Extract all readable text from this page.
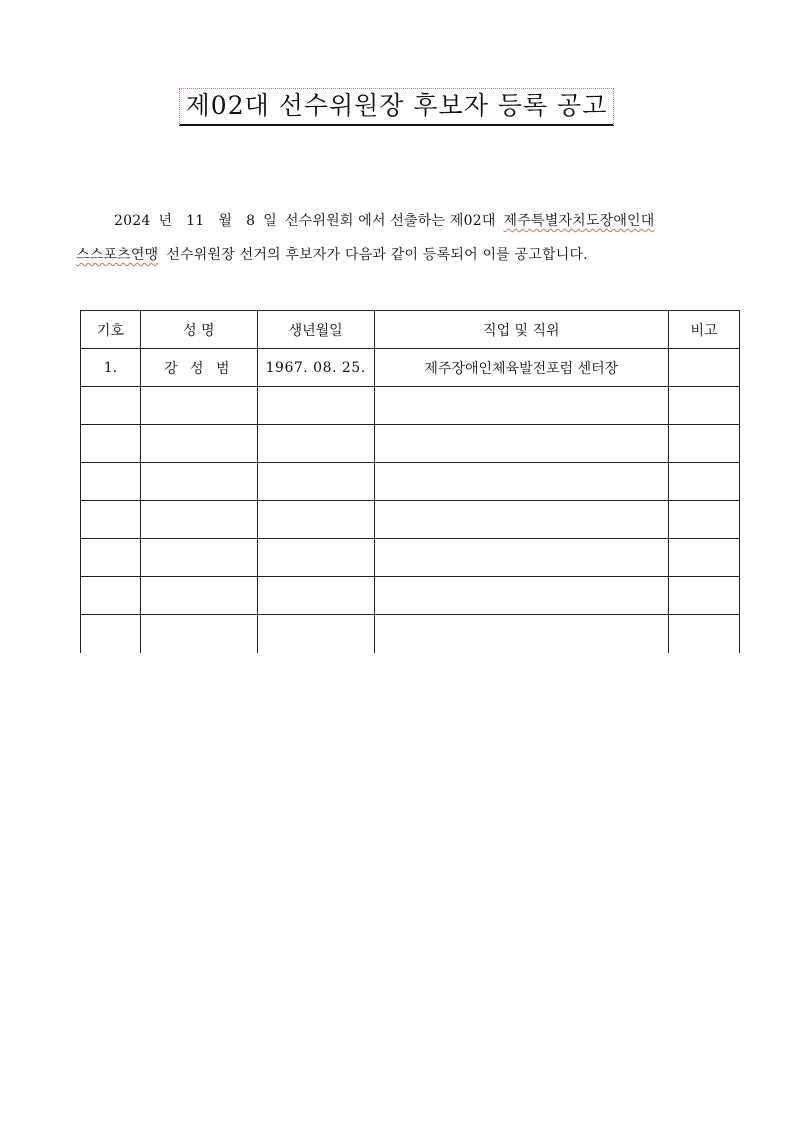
제02대 선수위원장 후보자 등록 공고
2024 년 11 월 8 일 선수위원회 에서 선출하는 제02대 제주특별자치도장애인대
스스포츠연맹 선수위원장 선거의 후보자가 다음과 같이 등록되어 이를 공고합니다.
기호	성 명	생년월일	직업 및 직위	비고
1.	강 성 범	1967. 08. 25.	제주장애인체육발전포럼 센터장	
